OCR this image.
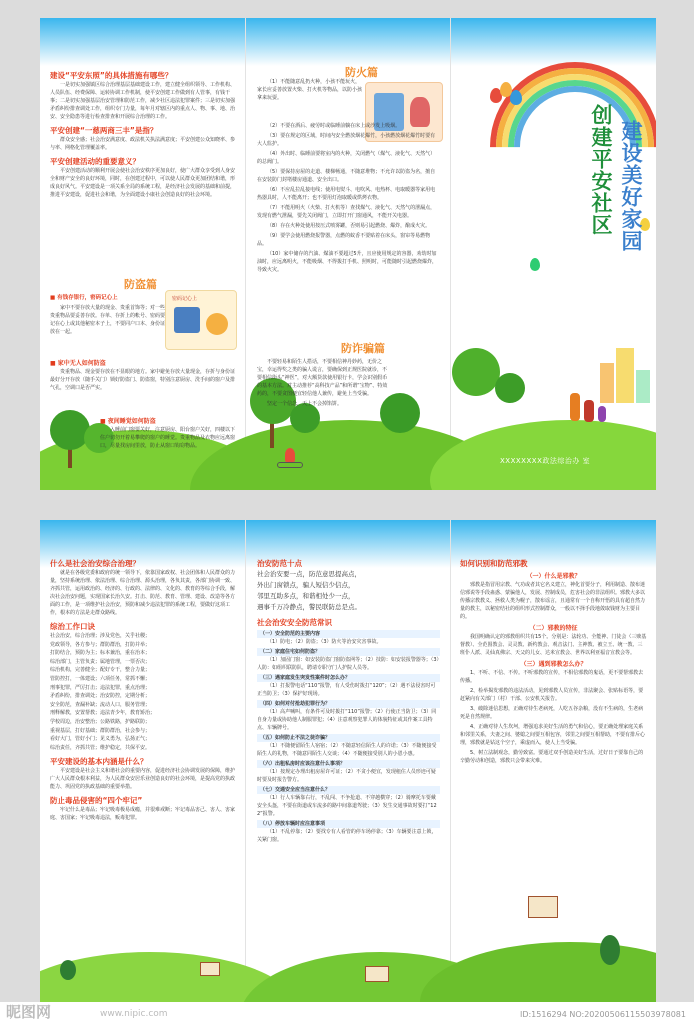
建设“平安东照”的具体措施有哪些？
一是切实加强镇区综合治理基层基础建设工作，建立健全组织领导、工作机构、人员队伍、经费保障、运转协调工作机制，使平安创建工作做到有人管事，有钱干事；二是切实加强基层治安管理和防范工作，减少社区违法犯罪案件；三是切实加强矛盾纠纷排查调处工作，组织专门力量，每年月对辖区内的重点人、物、事、地、治安、安全隐患等进行检查排查和开展综合治理的工作。
平安创建“一慈两商三丰”是指？
群众安全感；社会治安满意度、政法机关执法满意度；平安创建公众知晓率、参与率、网格化管理覆盖率。
平安创建活动的重要意义？
平安创建活动的顺利开展会使社会治安秩序更加良好，使广大群众享受到人身安全和财产安全的良好环境，同时，在创建过程中，可以使人民群众更加团结和谐，形成良好风气。平安建设是一项关系全局的系统工程，是经济社会发展的基础和前提，推进平安建设，促进社会和谐，为全面建设小康社会创造良好的社会环境。
防盗篇
■ 有钱存银行，密码记心上	密码记心上
家中不要存放大量的现金、贵重首饰等；对一些贵重物品要妥善存放。存单、存折上的帐号、密码要记在心上或其他秘密本子上，不要同户口本、身份证放在一起。
■ 家中无人如何防盗
贵重物品、现金要存放在不显眼的地方。家中避免存放大量现金，存折与身份证最好分开存放（随手关门）锁好防盗门、防盗窗，特别注意厨房、洗手间的窗户及排气孔，空调口是否严实。
■ 夜间睡觉如何防盗
入睡前门窗要关好，注意厨房、阳台窗户关好，四楼以下住户切勿开着易攀爬的窗户的睡觉。贵重物品及衣物应远离窗口，尽量找房间里放，防止从窗口钩窃物品。
防火篇
（1）不能随意乱扔火种，小孩不能玩火，家长应妥善放置火柴、打火机等物品，以防小孩拿来玩耍。
（2）不要在酒后、疲劳时或临睡前躺在床上或沙发上吸烟。
（3）要在规定的区域，时间内安全燃放烟花爆竹，小孩燃放烟花爆竹时要有大人监护。
（4）外出时、临睡前要将室内的火种，关闭燃气（煤气、液化气、天然气）的总阀门。
（5）要保持房屋的走道、楼梯畅通，不随意堆物；不允许以防盗为名，擅自在安装防门封堵楼房通道、安全出口。
（6）不应乱拉乱接电线；使用电熨斗、电吹风、电热杯、电取暖器等家用电热器具时，人不能离开；也不要用灯泡取暖或烘烤衣物。
（7）不能用明火（火柴、打火机等）查找煤气、液化气、天然气的泄漏点，发现有燃气泄漏，要先关闭阀门，立即打开门窗通风，不能开关电器。
（8）存在火种处使用按压式喷雾罐，否则易引起燃烧、爆炸，酿成火灾。
（9）要学会使用燃烧报警器，点燃的蚊香不要贴着在床头，窗帘等易燃物品。
（10）家中储存的汽油、煤油不要超过5升，且应使用规定的容器，劝幼时加油时，应远离明火，不能吸烟、不得拨打手机、照明时，可能随时引起燃烧爆炸，导致火灾。
防诈骗篇
不要轻易和陌生人搭话，不要相信神丹妙药，无价之宝，幸运得奖之类的骗人谎言，要确保到正规医院就诊，不要相信街头“神医”，对大额货款使用银行卡，学会识别假币的基本方法。对主动推荐“高科技产品”和所谓“宝物”、特效药的，不要贪图便宜轻信他人兼传，避免上当受骗。
坚定一个信念，天上不会掉馅饼。
创建平安社区 建设美好家园
XXXXXXXX政法综治办 室
什么是社会治安综合治理？
就是在各级党委和政府的统一领导下，依靠国家政权、社会团体和人民群众的力量，坚持系统治理、依法治理、综合治理、源头治理，各负其责，各部门协调一致、齐抓共管，运用政治的、经济的、行政的、法律的、文化的、教育的等综合手段，解决社会治安问题，实现国家长治久安。打击、防范、教育、管理、建设、改造等各方面的工作，是一项维护社会治安，预防和减少违法犯罪的系统工程，要做好这项工作，根本的方法是走群众路线。
综治工作口诀
社会治安，综合治理；涉及党色，关乎社稷；
党政领导，各方参与；群防群治，打防并举；
打防结合，预防为主；标本兼治，重在治本；
综治部门，主管负责；属地管理，一票否决；
综治机构，完善健全；配好专干，整合力量；
管防控打，一体建设；六项任务，常抓不懈；
刑事犯罪，严厉打击；违法犯罪，重点治理；
矛盾纠纷，排查调处；治安防控，定期分析；
安全防范，查漏补缺；流动人口，服务管理；
刑释解教，安置帮教；违法青少年，教育矫治；
学校周边，治安整治；公路铁路，护路联防；
重视基层，打好基础；群防群治，社会参与；
看好大门，管好小门；见义勇为，弘扬正气；
综治责任，齐抓共管；维护稳定，共保平安。
平安建设的基本内涵是什么？
平安建设是社会主义和谐社会的重要内容，促进经济社会协调发展的保障，维护广大人民群众根本利益，为人民群众安居乐业创造良好的社会环境，是提高党的执政能力、巩固党的执政基础的重要举措。
防止毒品侵害的“四个牢记”
牢记什么是毒品；牢记吸毒极易成瘾，并很难戒断；牢记毒品害己、害人、害家庭、害国家；牢记吸毒违法，贩毒犯罪。
治安防范十点
社会治安要一点，防范意思提高点，
外出门窗锁点，骗人短信少信点，
邻里互助多点，和谐相处少一点，
遇事千万冷静点，警民联防总是点。
社会治安安全防范常识
（一）安全防范的主要内容
（1）防电；（2）防盗；（3）防火等治安灾害事故。
（二）家庭住宅如何防盗？
（1）加固门窗：如安装防盗门窗防盗网等；（2）技防：如安装报警器等；（3）人防：如组织联防队，聘请专职守门人护院人员等。
（三）遇家庭发生突发性案件时怎么办？
（1）打报警电话“110”报警，有人受伤时拨打“120”；（2）遇不法侵害时可正当防卫；（3）保护好现场。
（四）如何对付抢劫犯罪行为？
（1）高声喊叫，有条件可及时拨打“110”报警；（2）行使正当防卫；（3）同自身力量或协助他人制服罪犯；（4）注意观察犯罪人的体貌特征或其作案工具特点、车辆牌号。
（五）如何防止不法之徒诈骗？
（1）不随便留陌生人宿宿；（2）不随意轻信陌生人的许诺；（3）不随便接受陌生人的礼物，不随意同陌生人交谈；（4）不随便接受别人的小恩小惠。
（六）出租私房时应该注意什么事项？
（1）按规定办理出租房屋许可证；（2）不贪小便宜，发现租住人员形迹可疑时要及时报告警方。
（七）交通安全应当注意什么？
（1）行人车辆靠右行，不乱闯、不争抢道、不穿越横穿；（2）骑摩托车要戴安全头盔，不要在街道或车流多的路中间靠道驾驶；（3）发生交通事故时要打“122”报警。
（八）停放车辆时应注意事项
（1）不乱停靠；（2）要找专有人看管的停车场停靠；（3）车辆要注意上锁，关紧门窗。
如何识别和防范邪教
（一）什么是邪教？
邪教是指冒用宗教、气功或者其它名义建立，神化首要分子，利用制造、散布迷信邪说等手段蛊惑、蒙骗他人，发展、控制成员，危害社会的非法组织。邪教大多以传播宗教教义、拯救人类为幌子，散布谣言，且通常有一个自称开悟的具有超自然力量的教主，以秘密结社的组织形式控制群众，一般以不择手段地敛取钱财为主要目的。
（二）邪教的特征
我国明确认定的邪教组织共有15个。分别是：法轮功、全能神、门徒会（三赎基督教）、全范围教会、灵灵教、新约教会、观音法门、主神教、被立王、统一教、三班仆人派、灵仙真佛宗、天父的儿女、达米宣教会、世界以利亚福音宣教会等。
（三）遇到邪教怎么办？
1、不听、不信、不传。不听邪教的宣传，不相信邪教的鬼话，更不要帮邪教去传播。
2、检举揭发邪教的违法活动，见到邪教人员宣传，非法聚会、张贴标语等，要赶紧向有关部门（村）干部、公安机关报告。
3、破除迷信思想，正确对待生老病死，人吃五谷杂粮，没有不生病的，生老病死是自然规律。
4、正确对待人生坎坷，增强追求美好生活的勇气和信心，要正确处理家庭关系和邻里关系，夫妻之间、婆媳之间要互相包容，邻里之间要互相帮助，不要有排斥心理，邪教就是钻这个空子，乘虚而入，使人上当受骗。
5、树立法制观念，勤劳致富。要通过双手创造美好生活，过好日子要靠自己的辛勤劳动和创造，邪教只会带来灾难。
昵图网	www.nipic.com	ID:1516294 NO:20200506115503978081
